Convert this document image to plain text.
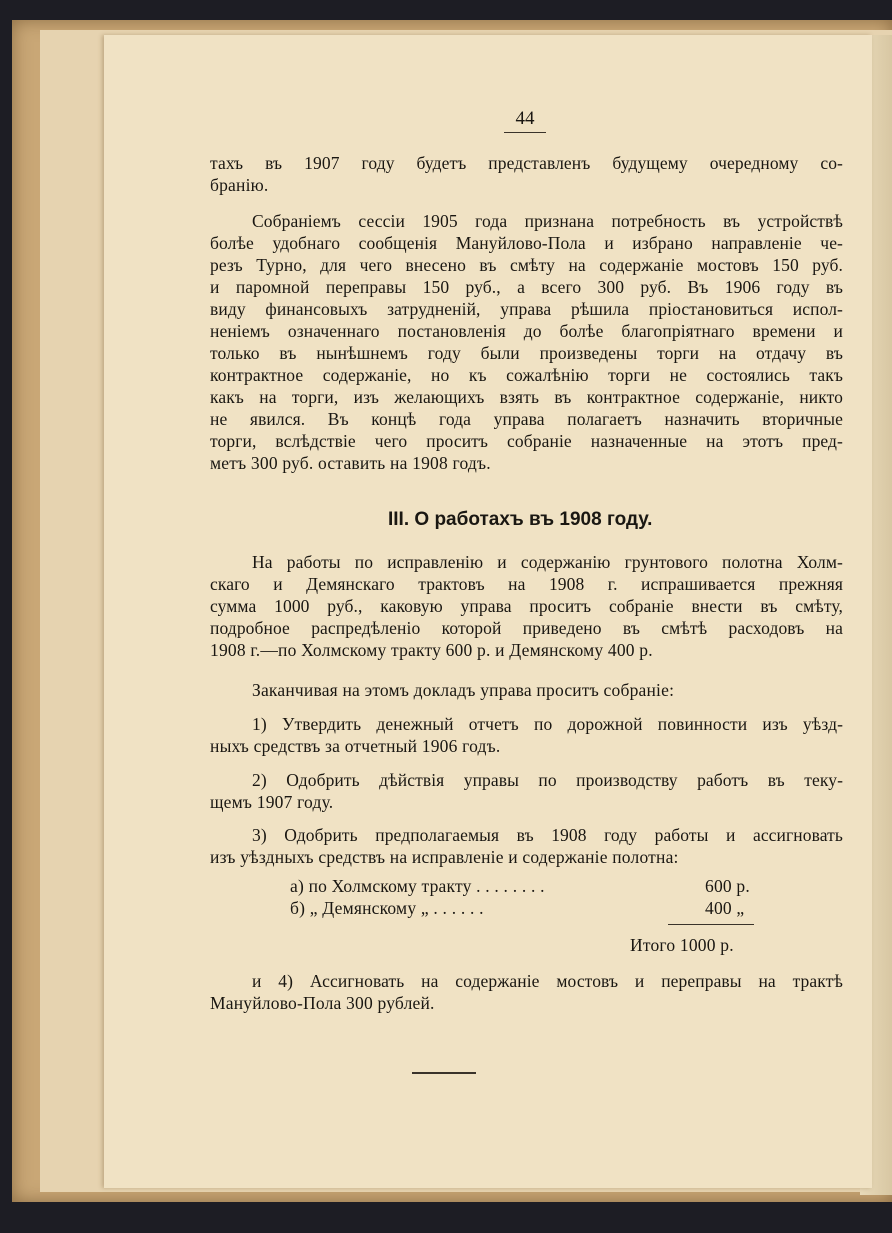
44
тахъ въ 1907 году будетъ представленъ будущему очередному со-
бранію.
Собраніемъ сессіи 1905 года признана потребность въ устройствѣ
болѣе удобнаго сообщенія Мануйлово-Пола и избрано направленіе че-
резъ Турно, для чего внесено въ смѣту на содержаніе мостовъ 150 руб.
и паромной переправы 150 руб., а всего 300 руб. Въ 1906 году въ
виду финансовыхъ затрудненій, управа рѣшила пріостановиться испол-
неніемъ означеннаго постановленія до болѣе благопріятнаго времени и
только въ нынѣшнемъ году были произведены торги на отдачу въ
контрактное содержаніе, но къ сожалѣнію торги не состоялись такъ
какъ на торги, изъ желающихъ взять въ контрактное содержаніе, никто
не явился. Въ концѣ года управа полагаетъ назначить вторичные
торги, вслѣдствіе чего проситъ собраніе назначенные на этотъ пред-
метъ 300 руб. оставить на 1908 годъ.
III. О работахъ въ 1908 году.
На работы по исправленію и содержанію грунтового полотна Холм-
скаго и Демянскаго трактовъ на 1908 г. испрашивается прежняя
сумма 1000 руб., каковую управа проситъ собраніе внести въ смѣту,
подробное распредѣленіо которой приведено въ смѣтѣ расходовъ на
1908 г.—по Холмскому тракту 600 р. и Демянскому 400 р.
Заканчивая на этомъ докладъ управа проситъ собраніе:
1) Утвердить денежный отчетъ по дорожной повинности изъ уѣзд-
ныхъ средствъ за отчетный 1906 годъ.
2) Одобрить дѣйствія управы по производству работъ въ теку-
щемъ 1907 году.
3) Одобрить предполагаемыя въ 1908 году работы и ассигновать
изъ уѣздныхъ средствъ на исправленіе и содержаніе полотна:
а) по Холмскому тракту . . . . . . . .	600 р.
б) „ Демянскому „ . . . . . .	400 „
Итого 1000 р.
и 4) Ассигновать на содержаніе мостовъ и переправы на трактѣ
Мануйлово-Пола 300 рублей.
